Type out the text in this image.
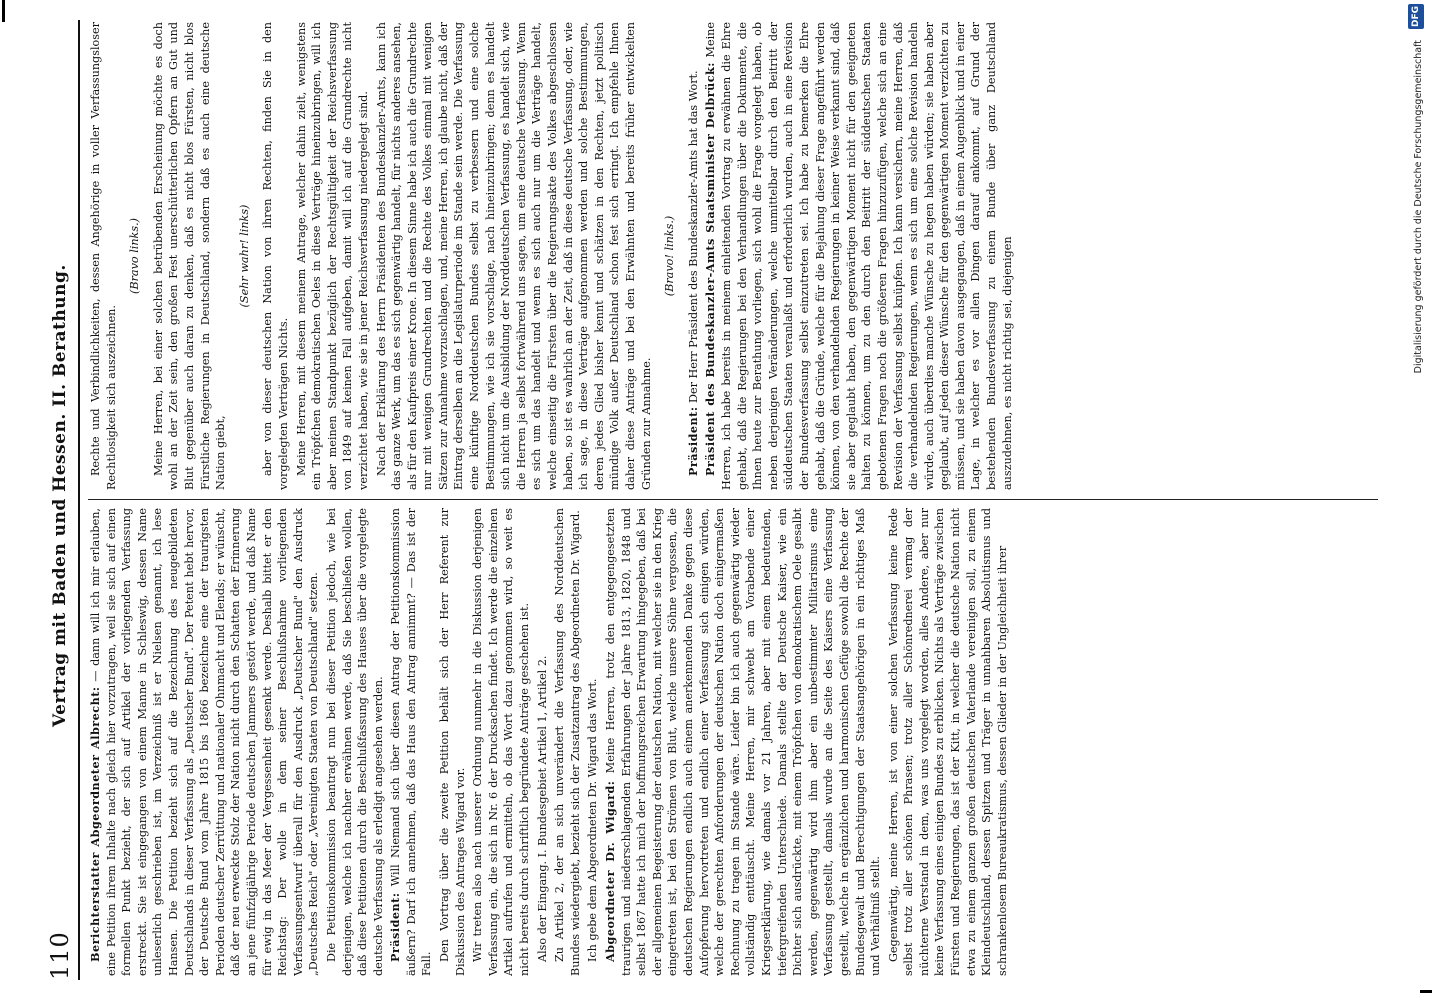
110
Vertrag mit Baden und Hessen. II. Berathung.

Berichterstatter Abgeordneter Albrecht: — dann will ich mir erlauben, eine Petition ihrem Inhalte nach gleich hier vorzutragen, weil sie sich auf einen formellen Punkt bezieht, der sich auf Artikel der vorliegenden Verfassung erstreckt. Sie ist eingegangen von einem Manne in Schleswig, dessen Name unleserlich geschrieben ist, im Verzeichniß ist er Nielsen genannt, ich lese Hansen. Die Petition bezieht sich auf die Bezeichnung des neugebildeten Deutschlands in dieser Verfassung als „Deutscher Bund". Der Petent hebt hervor, der Deutsche Bund vom Jahre 1815 bis 1866 bezeichne eine der traurigsten Perioden deutscher Zerrüttung und nationaler Ohnmacht und Elends; er wünscht, daß der neu erweckte Stolz der Nation nicht durch den Schatten der Erinnerung an jene fünfzigjährige Periode deutschen Jammers gestört werde, und daß Name für ewig in das Meer der Vergessenheit gesenkt werde. Deshalb bittet er den Reichstag: Der wolle in dem seiner Beschlußnahme vorliegenden Verfassungsentwurf überall für den Ausdruck „Deutscher Bund" den Ausdruck „Deutsches Reich" oder „Vereinigten Staaten von Deutschland" setzen. Die Petitionskommission beantragt nun bei dieser Petition jedoch, wie bei derjenigen, welche ich nachher erwähnen werde, daß Sie beschließen wollen, daß diese Petitionen durch die Beschlußfassung des Hauses über die vorgelegte deutsche Verfassung als erledigt angesehen werden. Präsident: Will Niemand sich über diesen Antrag der Petitionskommission äußern? Darf ich annehmen, daß das Haus den Antrag annimmt? — Das ist der Fall.

Den Vortrag über die zweite Petition behält sich der Herr Referent zur Diskussion des Antrages Wigard vor. Wir treten also nach unserer Ordnung nunmehr in die Diskussion derjenigen Verfassung ein, die sich in Nr. 6 der Drucksachen findet. Ich werde die einzelnen Artikel aufrufen und ermitteln, ob das Wort dazu genommen wird, so weit es nicht bereits durch schriftlich begründete Anträge geschehen ist. Also der Eingang. I. Bundesgebiet Artikel 1, Artikel 2. Zu Artikel 2, der an sich unverändert die Verfassung des Norddeutschen Bundes wiedergiebt, bezieht sich der Zusatzantrag des Abgeordneten Dr. Wigard. Ich gebe dem Abgeordneten Dr. Wigard das Wort. Abgeordneter Dr. Wigard: Meine Herren, trotz den entgegengesetzten traurigen und niederschlagenden Erfahrungen der Jahre 1813, 1820, 1848 und selbst 1867 hatte ich mich der hoffnungsreichen Erwartung hingegeben, daß bei der allgemeinen Begeisterung der deutschen Nation, mit welcher sie in den Krieg eingetreten ist, bei den Strömen von Blut, welche unsere Söhne vergossen, die deutschen Regierungen endlich auch einem anerkennenden Danke gegen diese Aufopferung hervortreten und endlich einer Verfassung sich einigen würden, welche der gerechten Anforderungen der deutschen Nation doch einigermaßen Rechnung zu tragen im Stande wäre. Leider bin ich auch gegenwärtig wieder vollständig enttäuscht. Meine Herren, mir schwebt am Vorabende einer Kriegserklärung, wie damals vor 21 Jahren, aber mit einem bedeutenden, tiefergreifenden Unterschiede. Damals stellte der Deutsche Kaiser, wie ein Dichter sich ausdrückte, mit einem Tröpfchen von demokratischem Oele gesalbt werden, gegenwärtig wird ihm aber ein unbestimmter Militarismus eine Verfassung gestellt, damals wurde an die Seite des Kaisers eine Verfassung gestellt, welche in ergänzlichen und harmonischen Gefüge sowohl die Rechte der Bundesgewalt und Berechtigungen der Staatsangehörigen in ein richtiges Maß und Verhältniß stellt. Gegenwärtig, meine Herren, ist von einer solchen Verfassung keine Rede selbst trotz aller schönen Phrasen; trotz aller Schönrednerei vermag der nüchterne Verstand in dem, was uns vorgelegt worden, alles Andere, aber nur keine Verfassung eines einigen Bundes zu erblicken. Nichts als Verträge zwischen Fürsten und Regierungen, das ist der Kitt, in welcher die deutsche Nation nicht etwa zu einem ganzen großen deutschen Vaterlande vereinigen soll, zu einem Kleindeutschland, dessen Spitzen und Träger in unnahbaren Absolutismus und schrankenlosem Bureaukratismus, dessen Glieder in der Ungleichheit ihrer

Rechte und Verbindlichkeiten, dessen Angehörige in voller Verfassungsloser Rechtlosigkeit sich auszeichnen.

(Bravo links.) Meine Herren, bei einer solchen betrübenden Erscheinung möchte es doch wohl an der Zeit sein, den großen Fest unerschütterlichen Opfern an Gut und Blut gegenüber auch daran zu denken, daß es nicht blos Fürsten, nicht blos Fürstliche Regierungen in Deutschland, sondern daß es auch eine deutsche Nation giebt,

(Sehr wahr! links) aber von dieser deutschen Nation von ihren Rechten, finden Sie in den vorgelegten Verträgen Nichts. Meine Herren, mit diesem meinem Antrage, welcher dahin zielt, wenigstens ein Tröpfchen demokratischen Oeles in diese Verträge hineinzubringen, will ich aber meinen Standpunkt bezüglich der Rechtsgültigkeit der Reichsverfassung von 1849 auf keinen Fall aufgeben, damit will ich auf die Grundrechte nicht verzichtet haben, wie sie in jener Reichsverfassung niedergelegt sind. Nach der Erklärung des Herrn Präsidenten des Bundeskanzler-Amts, kann ich das ganze Werk, um das es sich gegenwärtig handelt, für nichts anderes ansehen, als für den Kaufpreis einer Krone. In diesem Sinne habe ich auch die Grundrechte nur mit wenigen Grundrechten und die Rechte des Volkes einmal mit wenigen Sätzen zur Annahme vorzuschlagen, und, meine Herren, ich glaube nicht, daß der Eintrag derselben an die Legislaturperiode im Stande sein werde. Die Verfassung eine künftige Norddeutschen Bundes selbst zu verbessern und eine solche Bestimmungen, wie ich sie vorschlage, nach hineinzubringen; denn es handelt sich nicht um die Ausbildung der Norddeutschen Verfassung, es handelt sich, wie die Herren ja selbst fortwährend uns sagen, um eine deutsche Verfassung. Wenn es sich um das handelt und wenn es sich auch nur um die Verträge handelt, welche einseitig die Fürsten über die Regierungsakte des Volkes abgeschlossen haben, so ist es wahrlich an der Zeit, daß in diese deutsche Verfassung, oder, wie ich sage, in diese Verträge aufgenommen werden und solche Bestimmungen, deren jedes Glied bisher kennt und schätzen in den Rechten, jetzt politisch mündige Volk außer Deutschland schon fest sich erringt. Ich empfehle Ihnen daher diese Anträge und bei den Erwähnten und bereits früher entwickelten Gründen zur Annahme.

(Bravo! links.)

Präsident: Der Herr Präsident des Bundeskanzler-Amts hat das Wort. Präsident des Bundeskanzler-Amts Staatsminister Delbrück: Meine Herren, ich habe bereits in meinem einleitenden Vortrag zu erwähnen die Ehre gehabt, daß die Regierungen bei den Verhandlungen über die Dokumente, die Ihnen heute zur Berathung vorliegen, sich wohl die Frage vorgelegt haben, ob neben derjenigen Veränderungen, welche unmittelbar durch den Beitritt der süddeutschen Staaten veranlaßt und erforderlich wurden, auch in eine Revision der Bundesverfassung selbst einzutreten sei. Ich habe zu bemerken die Ehre gehabt, daß die Gründe, welche für die Bejahung dieser Frage angeführt werden können, von den verhandelnden Regierungen in keiner Weise verkannt sind, daß sie aber geglaubt haben, den gegenwärtigen Moment nicht für den geeigneten halten zu können, um zu den durch den Beitritt der süddeutschen Staaten gebotenen Fragen noch die größeren Fragen hinzuzufügen, welche sich an eine Revision der Verfassung selbst knüpfen. Ich kann versichern, meine Herren, daß die verhandelnden Regierungen, wenn es sich um eine solche Revision handeln würde, auch überdies manche Wünsche zu hegen haben würden; sie haben aber geglaubt, auf jeden dieser Wünsche für den gegenwärtigen Moment verzichten zu müssen, und sie haben davon ausgegangen, daß in einem Augenblick und in einer Lage, in welcher es vor allen Dingen darauf ankommt, auf Grund der bestehenden Bundesverfassung zu einem Bunde über ganz Deutschland auszudehnen, es nicht richtig sei, diejenigen

DFG
Digitalisierung gefördert durch die Deutsche Forschungsgemeinschaft
